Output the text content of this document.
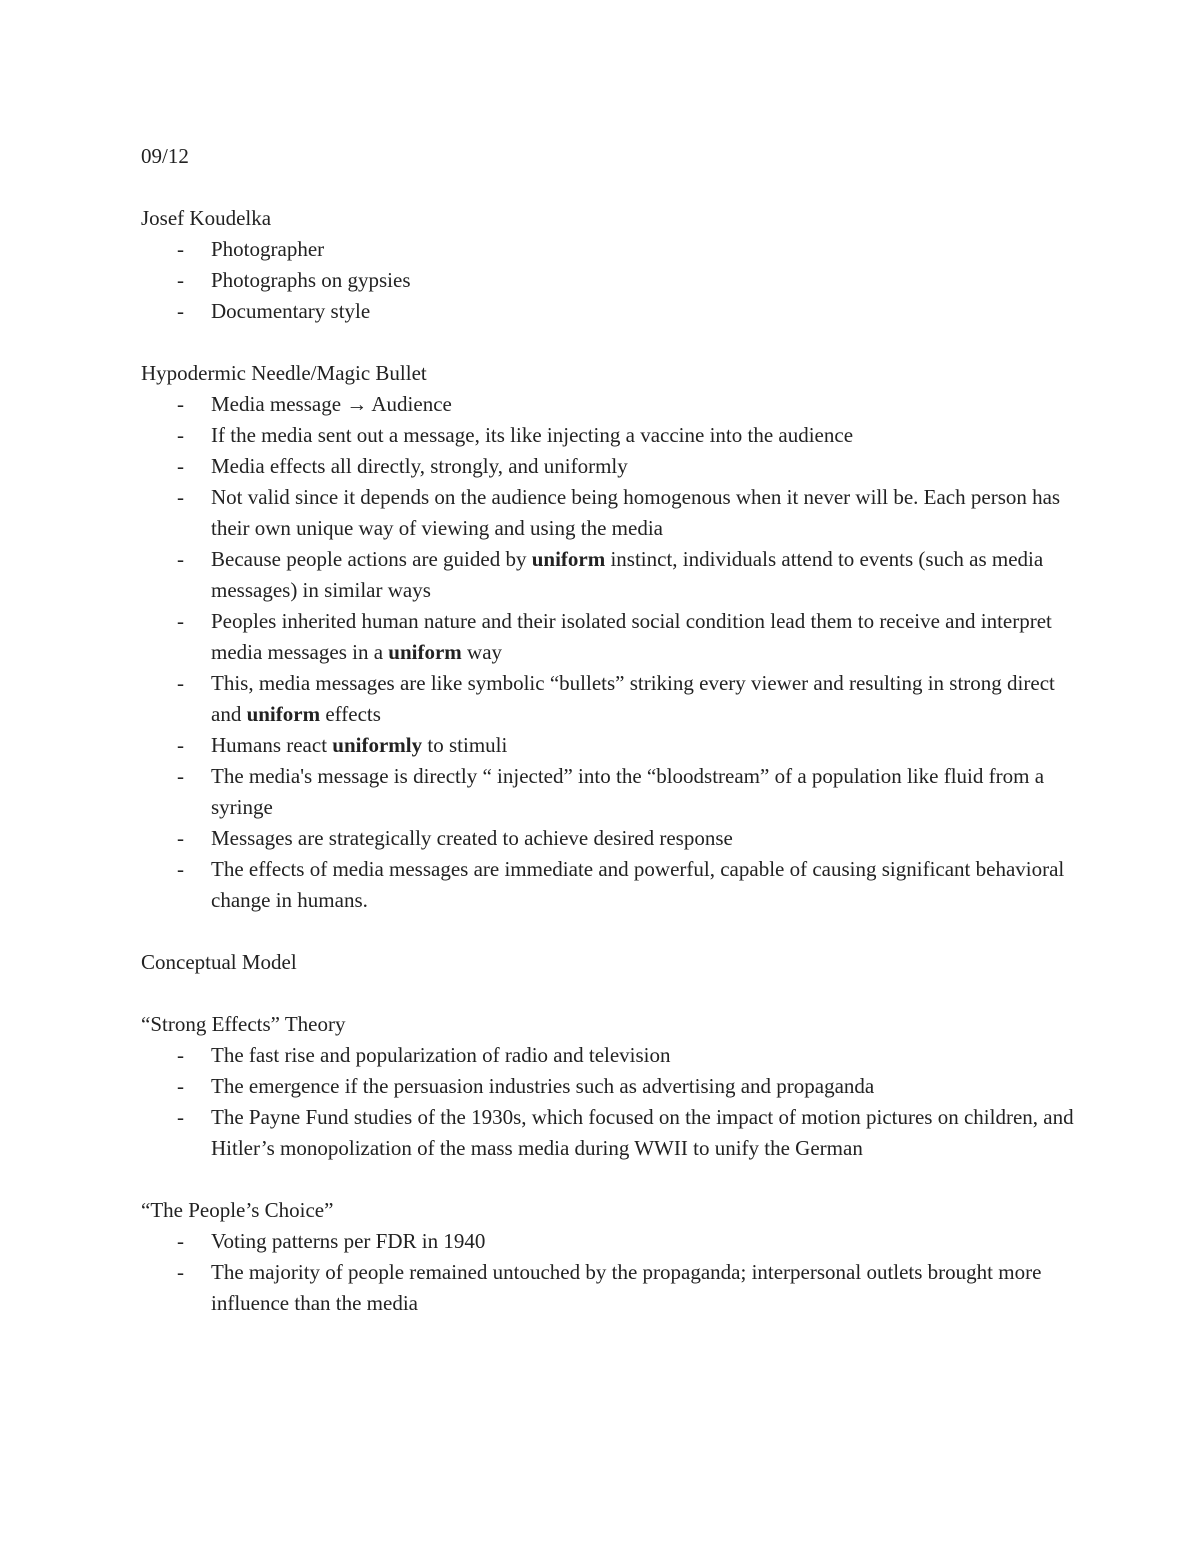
09/12
Josef Koudelka
- Photographer
- Photographs on gypsies
- Documentary style
Hypodermic Needle/Magic Bullet
- Media message → Audience
- If the media sent out a message, its like injecting a vaccine into the audience
- Media effects all directly, strongly, and uniformly
- Not valid since it depends on the audience being homogenous when it never will be. Each person has their own unique way of viewing and using the media
- Because people actions are guided by uniform instinct, individuals attend to events (such as media messages) in similar ways
- Peoples inherited human nature and their isolated social condition lead them to receive and interpret media messages in a uniform way
- This, media messages are like symbolic “bullets” striking every viewer and resulting in strong direct and uniform effects
- Humans react uniformly to stimuli
- The media's message is directly “ injected” into the “bloodstream” of a population like fluid from a syringe
- Messages are strategically created to achieve desired response
- The effects of media messages are immediate and powerful, capable of causing significant behavioral change in humans.
Conceptual Model
“Strong Effects” Theory
- The fast rise and popularization of radio and television
- The emergence if the persuasion industries such as advertising and propaganda
- The Payne Fund studies of the 1930s, which focused on the impact of motion pictures on children, and Hitler’s monopolization of the mass media during WWII to unify the German
“The People’s Choice”
- Voting patterns per FDR in 1940
- The majority of people remained untouched by the propaganda; interpersonal outlets brought more influence than the media
